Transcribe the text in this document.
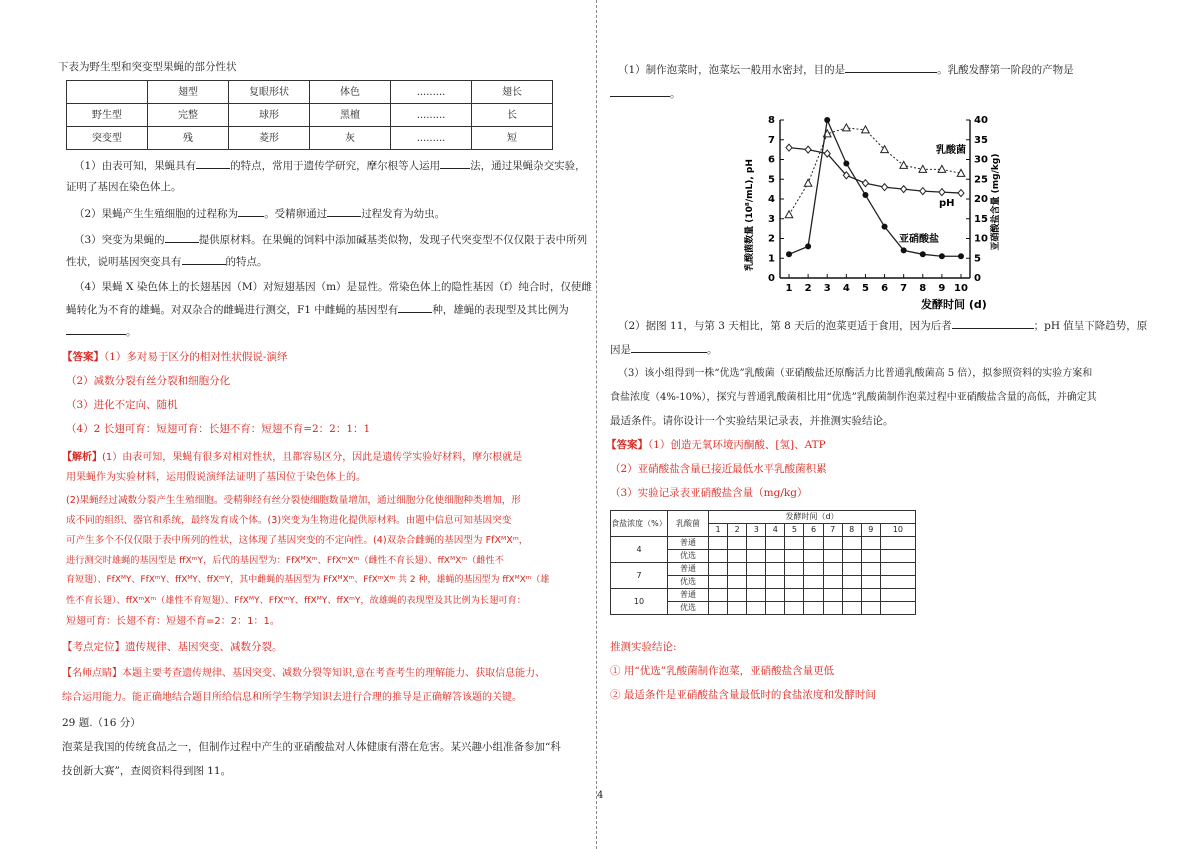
下表为野生型和突变型果蝇的部分性状
	翅型	复眼形状	体色	.........	翅长
野生型	完整	球形	黑檀	.........	长
突变型	残	菱形	灰	.........	短
（1）由表可知，果蝇具有	的特点，常用于遗传学研究，摩尔根等人运用	法，通过果蝇杂交实验，
证明了基因在染色体上。
（2）果蝇产生生殖细胞的过程称为 。受精卵通过	过程发育为幼虫。
（3）突变为果蝇的	提供原材料。在果蝇的饲料中添加碱基类似物，发现子代突变型不仅仅限于表中所列
性状，说明基因突变具有	的特点。
（4）果蝇 X 染色体上的长翅基因（M）对短翅基因（m）是显性。常染色体上的隐性基因（f）纯合时，仅使雌
蝇转化为不育的雄蝇。对双杂合的雌蝇进行测交，F1 中雌蝇的基因型有	种，雄蝇的表现型及其比例为
。
【答案】（1）多对易于区分的相对性状假说-演绎
（2）减数分裂有丝分裂和细胞分化
（3）进化不定向、随机
（4）2 长翅可育：短翅可育：长翅不育：短翅不育=2：2：1：1
【解析】(1）由表可知，果蝇有很多对相对性状，且都容易区分，因此是遗传学实验好材料，摩尔根就是
用果蝇作为实验材料，运用假说演绎法证明了基因位于染色体上的。
(2)果蝇经过减数分裂产生生殖细胞。受精卵经有丝分裂使细胞数量增加，通过细胞分化使细胞种类增加，形
成不同的组织、器官和系统，最终发育成个体。(3)突变为生物进化提供原材料。由题中信息可知基因突变
可产生多个不仅仅限于表中所列的性状，这体现了基因突变的不定向性。(4)双杂合雌蝇的基因型为 FfXᴹXᵐ，
进行测交时雄蝇的基因型是 ffXᵐY，后代的基因型为：FfXᴹXᵐ、FfXᵐXᵐ（雌性不育长翅）、ffXᴹXᵐ（雌性不
育短翅）、FfXᴹY、FfXᵐY、ffXᴹY、ffXᵐY，其中雌蝇的基因型为 FfXᴹXᵐ、FfXᵐXᵐ 共 2 种，雄蝇的基因型为 ffXᴹXᵐ（雄
性不育长翅）、ffXᵐXᵐ（雄性不育短翅）、FfXᴹY、FfXᵐY、ffXᴹY、ffXᵐY，故雄蝇的表现型及其比例为长翅可育：
短翅可育：长翅不育：短翅不育=2：2：1：1。
【考点定位】遗传规律、基因突变、减数分裂。
【名师点睛】本题主要考查遗传规律、基因突变、减数分裂等知识,意在考查考生的理解能力、获取信息能力、
综合运用能力。能正确地结合题目所给信息和所学生物学知识去进行合理的推导是正确解答该题的关键。
29 题.（16 分）
泡菜是我国的传统食品之一，但制作过程中产生的亚硝酸盐对人体健康有潜在危害。某兴趣小组准备参加“科
技创新大赛”，查阅资料得到图 11。
（1）制作泡菜时，泡菜坛一般用水密封，目的是	。乳酸发酵第一阶段的产物是
。
0
1
2
3
4
5
6
7
8
0
5
10
15
20
25
30
35
40
1 2 3 4 5 6 7 8 9 10
乳酸菌数量 (10⁸/mL), pH	亚硝酸盐含量 (mg/kg)
发酵时间 (d)
乳酸菌
pH
亚硝酸盐
（2）据图 11，与第 3 天相比，第 8 天后的泡菜更适于食用，因为后者	；pH 值呈下降趋势，原
因是	。
（3）该小组得到一株“优选”乳酸菌（亚硝酸盐还原酶活力比普通乳酸菌高 5 倍），拟参照资料的实验方案和
食盐浓度（4%-10%），探究与普通乳酸菌相比用“优选”乳酸菌制作泡菜过程中亚硝酸盐含量的高低，并确定其
最适条件。请你设计一个实验结果记录表，并推测实验结论。
【答案】（1）创造无氧环境丙酮酸、[氢]、ATP
（2）亚硝酸盐含量已接近最低水平乳酸菌积累
（3）实验记录表亚硝酸盐含量（mg/kg）
食盐浓度（%）	乳酸菌	发酵时间（d）									
		1	2	3	4	5	6	7	8	9	10
4	普通										
	优选										
7	普通										
	优选										
10	普通										
	优选										
推测实验结论:
① 用“优选”乳酸菌制作泡菜，亚硝酸盐含量更低
② 最适条件是亚硝酸盐含量最低时的食盐浓度和发酵时间
4
